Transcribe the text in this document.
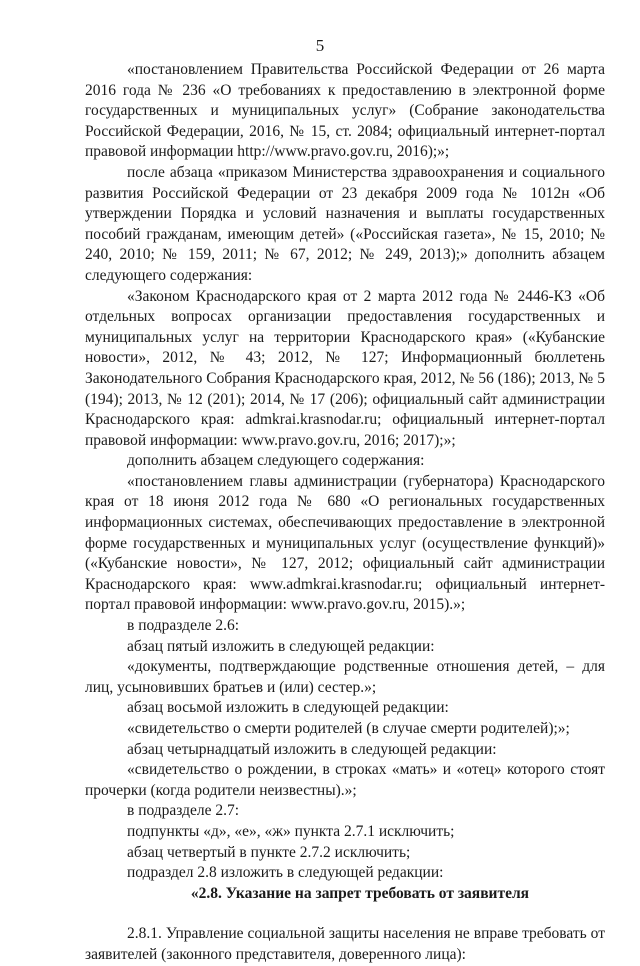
5

«постановлением Правительства Российской Федерации от 26 марта 2016 года № 236 «О требованиях к предоставлению в электронной форме государственных и муниципальных услуг» (Собрание законодательства Российской Федерации, 2016, № 15, ст. 2084; официальный интернет-портал правовой информации http://www.pravo.gov.ru, 2016);»;

после абзаца «приказом Министерства здравоохранения и социального развития Российской Федерации от 23 декабря 2009 года № 1012н «Об утверждении Порядка и условий назначения и выплаты государственных пособий гражданам, имеющим детей» («Российская газета», № 15, 2010; № 240, 2010; № 159, 2011; № 67, 2012; № 249, 2013);» дополнить абзацем следующего содержания:

«Законом Краснодарского края от 2 марта 2012 года № 2446-КЗ «Об отдельных вопросах организации предоставления государственных и муниципальных услуг на территории Краснодарского края» («Кубанские новости», 2012, № 43; 2012, № 127; Информационный бюллетень Законодательного Собрания Краснодарского края, 2012, № 56 (186); 2013, № 5 (194); 2013, № 12 (201); 2014, № 17 (206); официальный сайт администрации Краснодарского края: admkrai.krasnodar.ru; официальный интернет-портал правовой информации: www.pravo.gov.ru, 2016; 2017);»;

дополнить абзацем следующего содержания:

«постановлением главы администрации (губернатора) Краснодарского края от 18 июня 2012 года № 680 «О региональных государственных информационных системах, обеспечивающих предоставление в электронной форме государственных и муниципальных услуг (осуществление функций)» («Кубанские новости», № 127, 2012; официальный сайт администрации Краснодарского края: www.admkrai.krasnodar.ru; официальный интернет-портал правовой информации: www.pravo.gov.ru, 2015).»;

в подразделе 2.6:

абзац пятый изложить в следующей редакции:

«документы, подтверждающие родственные отношения детей, – для лиц, усыновивших братьев и (или) сестер.»;

абзац восьмой изложить в следующей редакции:

«свидетельство о смерти родителей (в случае смерти родителей);»;

абзац четырнадцатый изложить в следующей редакции:

«свидетельство о рождении, в строках «мать» и «отец» которого стоят прочерки (когда родители неизвестны).»;

в подразделе 2.7:

подпункты «д», «е», «ж» пункта 2.7.1 исключить;

абзац четвертый в пункте 2.7.2 исключить;

подраздел 2.8 изложить в следующей редакции:

«2.8. Указание на запрет требовать от заявителя

2.8.1. Управление социальной защиты населения не вправе требовать от заявителей (законного представителя, доверенного лица):
